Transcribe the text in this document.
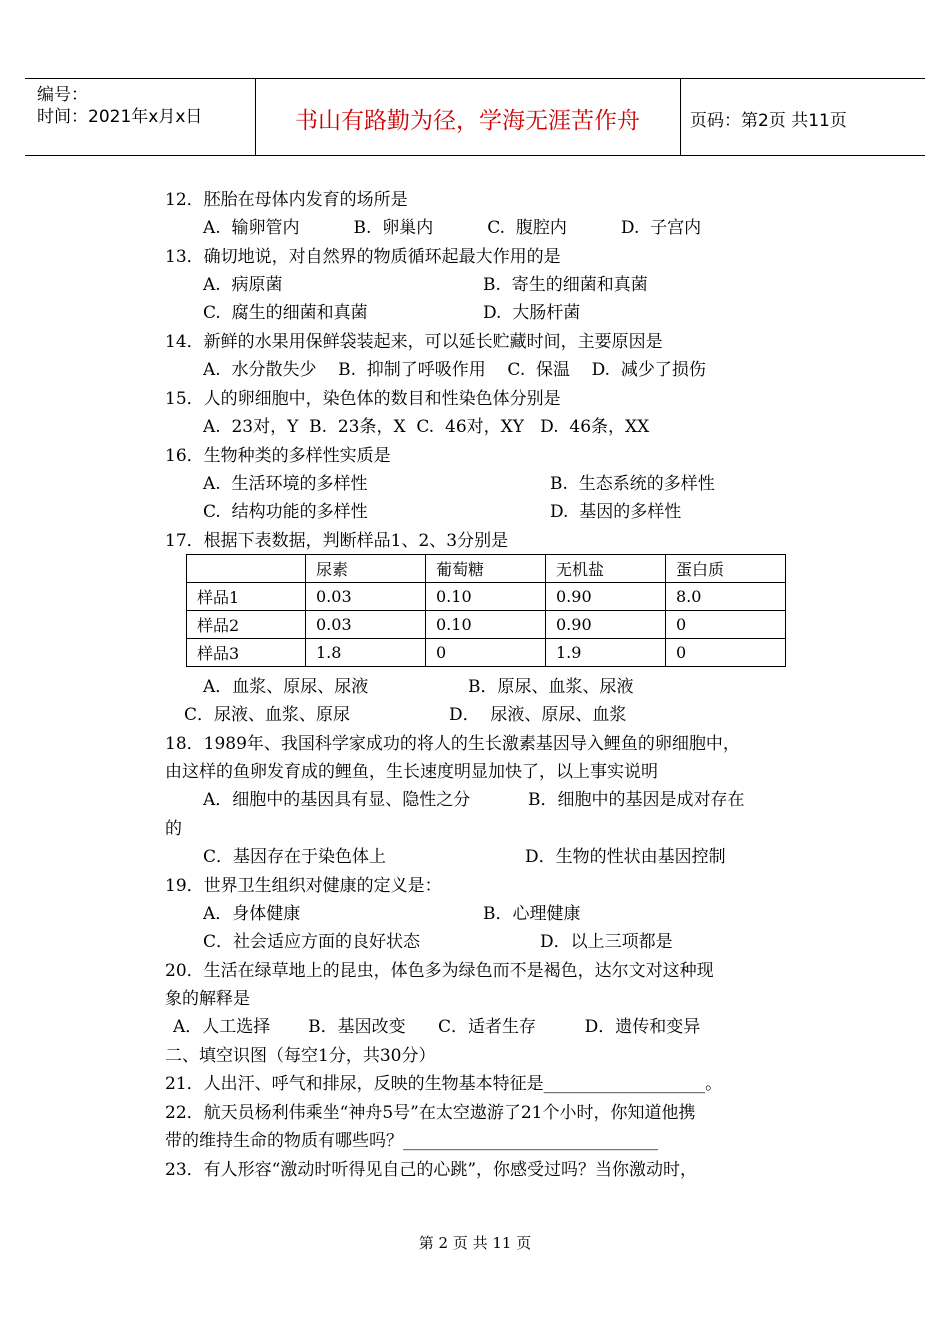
编号：
时间：2021年x月x日	书山有路勤为径，学海无涯苦作舟	页码：第2页 共11页
12．胚胎在母体内发育的场所是
A.  输卵管内          B.  卵巢内          C.  腹腔内          D.  子宫内
13．确切地说，对自然界的物质循环起最大作用的是
A.  病原菌	B.  寄生的细菌和真菌
C.  腐生的细菌和真菌	D.  大肠杆菌
14．新鲜的水果用保鲜袋装起来，可以延长贮藏时间，主要原因是
A.  水分散失少    B.  抑制了呼吸作用    C.  保温    D.  减少了损伤
15．人的卵细胞中，染色体的数目和性染色体分别是
A.  23对，Y  B.  23条，X  C.  46对，XY   D.  46条，XX
16．生物种类的多样性实质是
A.  生活环境的多样性	B.  生态系统的多样性
C.  结构功能的多样性	D.  基因的多样性
17．根据下表数据，判断样品1、2、3分别是
	尿素	葡萄糖	无机盐	蛋白质
样品1	0.03	0.10	0.90	8.0
样品2	0.03	0.10	0.90	0
样品3	1.8	0	1.9	0
A．血浆、原尿、尿液	B．原尿、血浆、尿液
C．尿液、血浆、原尿	D．  尿液、原尿、血浆
18．1989年、我国科学家成功的将人的生长激素基因导入鲤鱼的卵细胞中，
由这样的鱼卵发育成的鲤鱼，生长速度明显加快了，以上事实说明
A．细胞中的基因具有显、隐性之分	B．细胞中的基因是成对存在
的
C．基因存在于染色体上	D．生物的性状由基因控制
19．世界卫生组织对健康的定义是：
A．身体健康	B．心理健康
C．社会适应方面的良好状态	D．以上三项都是
20．生活在绿草地上的昆虫，体色多为绿色而不是褐色，达尔文对这种现
象的解释是
A．人工选择       B．基因改变      C．适者生存         D．遗传和变异
二、填空识图（每空1分，共30分）
21．人出汗、呼气和排尿，反映的生物基本特征是___________________。
22．航天员杨利伟乘坐“神舟5号”在太空遨游了21个小时，你知道他携
带的维持生命的物质有哪些吗？______________________________
23．有人形容“激动时听得见自己的心跳”，你感受过吗？当你激动时，
第 2 页 共 11 页
